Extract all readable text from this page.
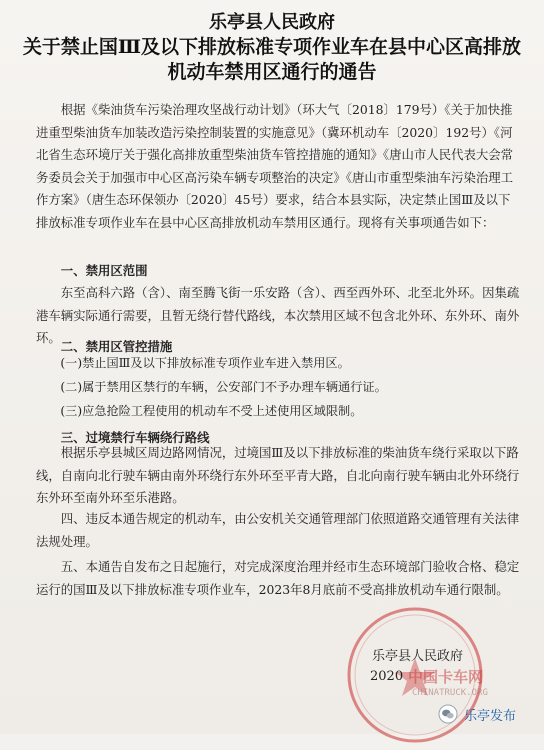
乐亭县人民政府
关于禁止国Ⅲ及以下排放标准专项作业车在县中心区高排放
机动车禁用区通行的通告
根据《柴油货车污染治理攻坚战行动计划》（环大气〔2018〕179号）《关于加快推进重型柴油货车加装改造污染控制装置的实施意见》（冀环机动车〔2020〕192号）《河北省生态环境厅关于强化高排放重型柴油货车管控措施的通知》《唐山市人民代表大会常务委员会关于加强市中心区高污染车辆专项整治的决定》《唐山市重型柴油车污染治理工作方案》（唐生态环保领办〔2020〕45号）要求，结合本县实际，决定禁止国Ⅲ及以下排放标准专项作业车在县中心区高排放机动车禁用区通行。现将有关事项通告如下：
一、禁用区范围
东至高科六路（含）、南至腾飞街一乐安路（含）、西至西外环、北至北外环。因集疏港车辆实际通行需要，且暂无绕行替代路线，本次禁用区域不包含北外环、东外环、南外环。
二、禁用区管控措施
(一)禁止国Ⅲ及以下排放标准专项作业车进入禁用区。
(二)属于禁用区禁行的车辆，公安部门不予办理车辆通行证。
(三)应急抢险工程使用的机动车不受上述使用区域限制。
三、过境禁行车辆绕行路线
根据乐亭县城区周边路网情况，过境国Ⅲ及以下排放标准的柴油货车绕行采取以下路线，自南向北行驶车辆由南外环绕行东外环至平青大路，自北向南行驶车辆由北外环绕行东外环至南外环至乐港路。
四、违反本通告规定的机动车，由公安机关交通管理部门依照道路交通管理有关法律法规处理。
五、本通告自发布之日起施行，对完成深度治理并经市生态环境部门验收合格、稳定运行的国Ⅲ及以下排放标准专项作业车，2023年8月底前不受高排放机动车通行限制。
乐亭县人民政府
2020 中国卡车网
CHINATRUCK.ORG
乐亭发布
